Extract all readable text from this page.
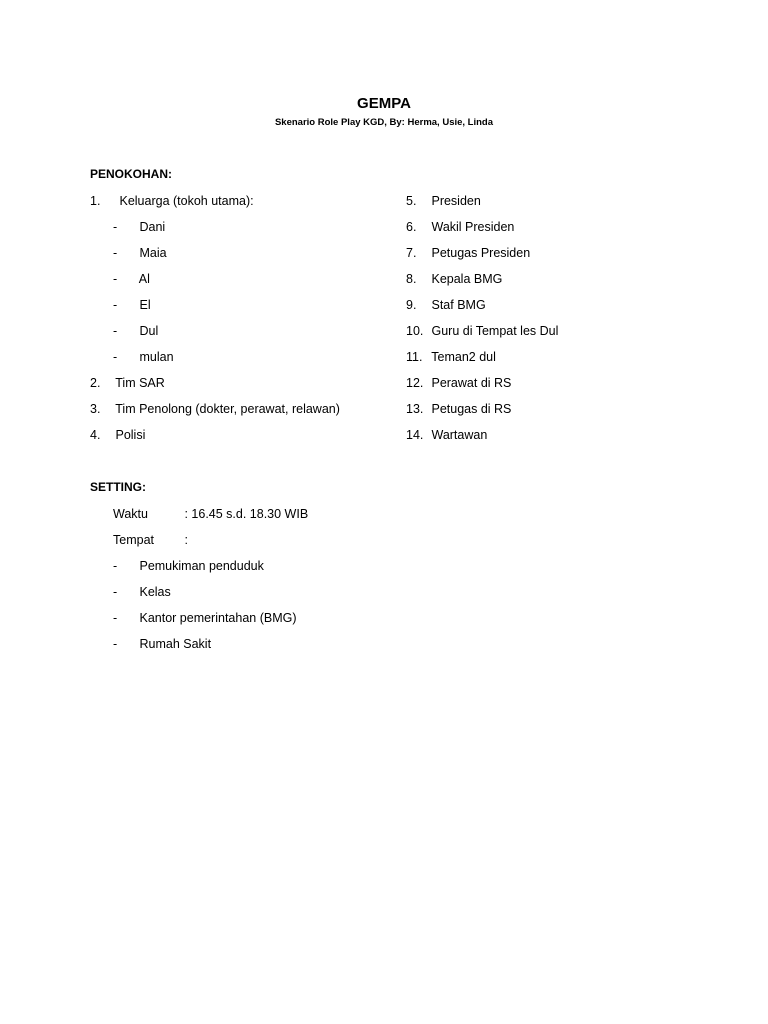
GEMPA
Skenario Role Play KGD, By: Herma, Usie, Linda
PENOKOHAN:
1. Keluarga (tokoh utama):
- Dani
- Maia
- Al
- El
- Dul
- mulan
2. Tim SAR
3. Tim Penolong (dokter, perawat, relawan)
4. Polisi
5. Presiden
6. Wakil Presiden
7. Petugas Presiden
8. Kepala BMG
9. Staf BMG
10. Guru di Tempat les Dul
11. Teman2 dul
12. Perawat di RS
13. Petugas di RS
14. Wartawan
SETTING:
Waktu	: 16.45 s.d. 18.30 WIB
Tempat :
- Pemukiman penduduk
- Kelas
- Kantor pemerintahan (BMG)
- Rumah Sakit
